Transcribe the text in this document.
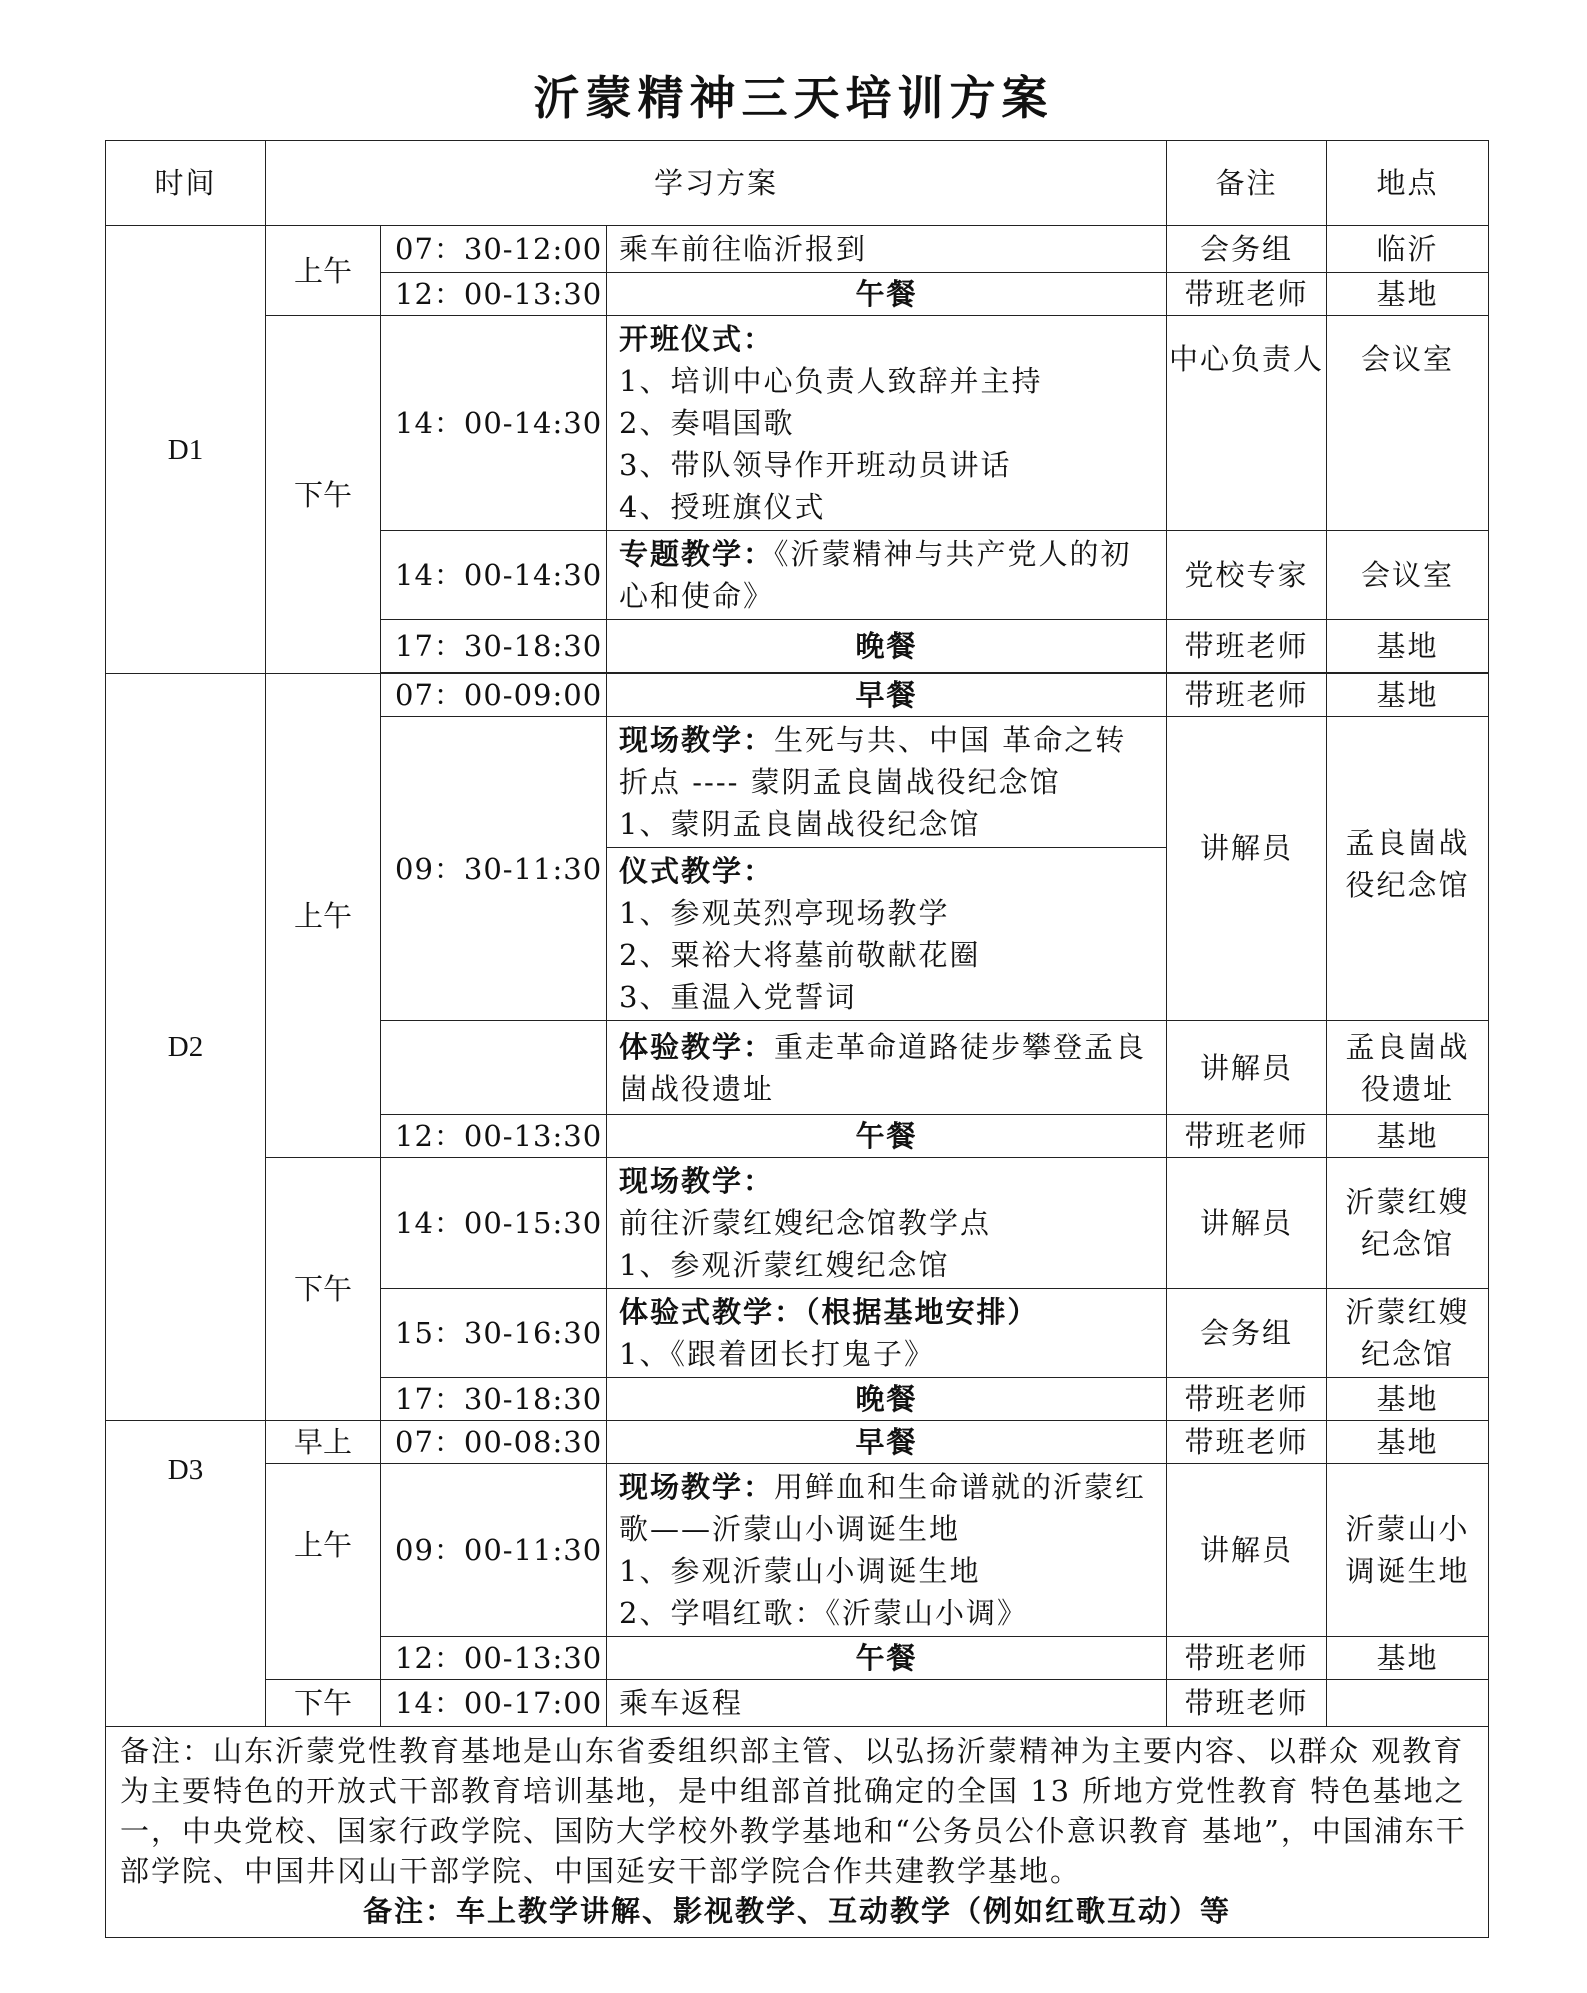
沂蒙精神三天培训方案
时间	学习方案			备注	地点
D1	上午	07：30-12:00	乘车前往临沂报到	会务组	临沂
		12：00-13:30	午餐	带班老师	基地
	下午	14：00-14:30	开班仪式：
1、培训中心负责人致辞并主持
2、奏唱国歌
3、带队领导作开班动员讲话
4、授班旗仪式	中心负责人	会议室
		14：00-14:30	专题教学：《沂蒙精神与共产党人的初心和使命》	党校专家	会议室
		17：30-18:30	晚餐	带班老师	基地

D2	上午	07：00-09:00	早餐	带班老师	基地
		09：30-11:30	现场教学：生死与共、中国 革命之转折点 ---- 蒙阴孟良崮战役纪念馆
1、蒙阴孟良崮战役纪念馆	讲解员	孟良崮战役纪念馆

			仪式教学：
1、参观英烈亭现场教学
2、粟裕大将墓前敬献花圈
3、重温入党誓词		

			体验教学：重走革命道路徒步攀登孟良崮战役遗址	讲解员	孟良崮战役遗址
		12：00-13:30	午餐	带班老师	基地
	下午	14：00-15:30	现场教学：
前往沂蒙红嫂纪念馆教学点
1、参观沂蒙红嫂纪念馆	讲解员	沂蒙红嫂纪念馆
		15：30-16:30	体验式教学：（根据基地安排）
1、《跟着团长打鬼子》	会务组	沂蒙红嫂纪念馆
		17：30-18:30	晚餐	带班老师	基地
D3	早上	07：00-08:30	早餐	带班老师	基地
	上午	09：00-11:30	现场教学：用鲜血和生命谱就的沂蒙红歌——沂蒙山小调诞生地
1、参观沂蒙山小调诞生地
2、学唱红歌：《沂蒙山小调》	讲解员	沂蒙山小调诞生地
		12：00-13:30	午餐	带班老师	基地
	下午	14：00-17:00	乘车返程	带班老师	

备注：山东沂蒙党性教育基地是山东省委组织部主管、以弘扬沂蒙精神为主要内容、以群众 观教育为主要特色的开放式干部教育培训基地，是中组部首批确定的全国 13 所地方党性教育 特色基地之一，中央党校、国家行政学院、国防大学校外教学基地和“公务员公仆意识教育 基地”，中国浦东干部学院、中国井冈山干部学院、中国延安干部学院合作共建教学基地。
备注：车上教学讲解、影视教学、互动教学（例如红歌互动）等					
